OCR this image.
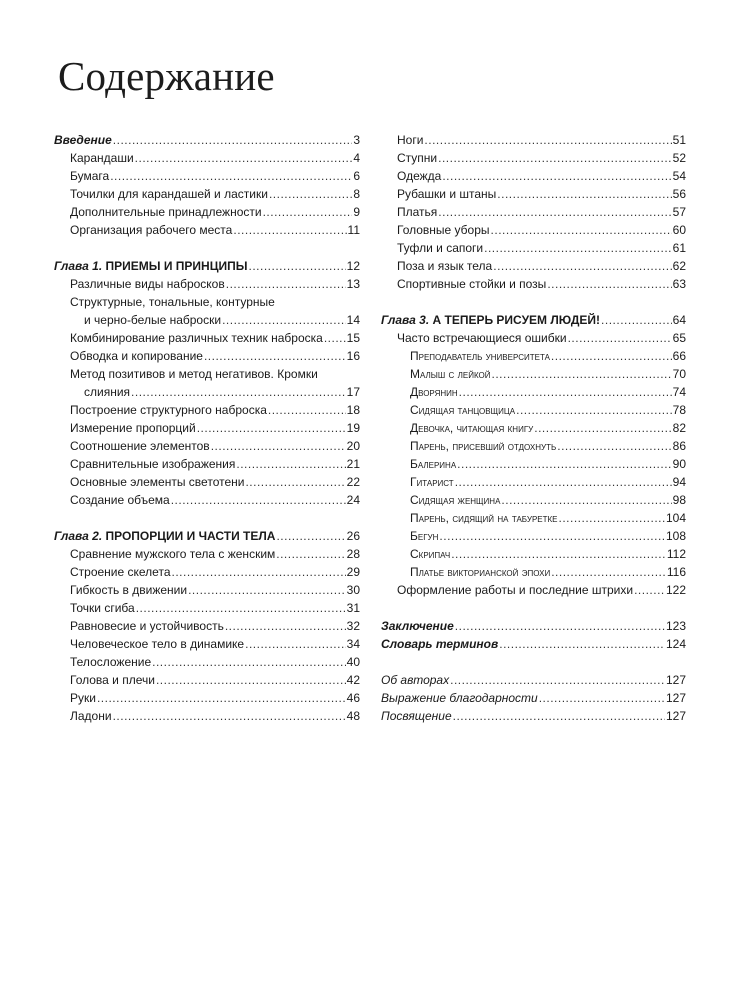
Содержание
Введение .....	3
Карандаши .....	4
Бумага .....	6
Точилки для карандашей и ластики .....	8
Дополнительные принадлежности .....	9
Организация рабочего места .....	11
Глава 1. ПРИЕМЫ И ПРИНЦИПЫ .....	12
Различные виды набросков .....	13
Структурные, тональные, контурные
и черно-белые наброски .....	14
Комбинирование различных техник наброска ..... 15
Обводка и копирование .....	16
Метод позитивов и метод негативов. Кромки
слияния .....	17
Построение структурного наброска .....	18
Измерение пропорций .....	19
Соотношение элементов .....	20
Сравнительные изображения .....	21
Основные элементы светотени .....	22
Создание объема .....	24
Глава 2. ПРОПОРЦИИ И ЧАСТИ ТЕЛА .....	26
Сравнение мужского тела с женским .....	28
Строение скелета .....	29
Гибкость в движении .....	30
Точки сгиба .....	31
Равновесие и устойчивость .....	32
Человеческое тело в динамике .....	34
Телосложение .....	40
Голова и плечи .....	42
Руки .....	46
Ладони .....	48
Ноги .....	51
Ступни .....	52
Одежда .....	54
Рубашки и штаны .....	56
Платья .....	57
Головные уборы .....	60
Туфли и сапоги .....	61
Поза и язык тела .....	62
Спортивные стойки и позы .....	63
Глава 3. А ТЕПЕРЬ РИСУЕМ ЛЮДЕЙ! .....	64
Часто встречающиеся ошибки .....	65
Преподаватель университета .....	66
Малыш с лейкой .....	70
Дворянин .....	74
Сидящая танцовщица .....	78
Девочка, читающая книгу .....	82
Парень, присевший отдохнуть .....	86
Балерина .....	90
Гитарист .....	94
Сидящая женщина .....	98
Парень, сидящий на табуретке .....	104
Бегун .....	108
Скрипач .....	112
Платье викторианской эпохи .....	116
Оформление работы и последние штрихи .....	122
Заключение .....	123
Словарь терминов .....	124
Об авторах .....	127
Выражение благодарности .....	127
Посвящение .....	127
